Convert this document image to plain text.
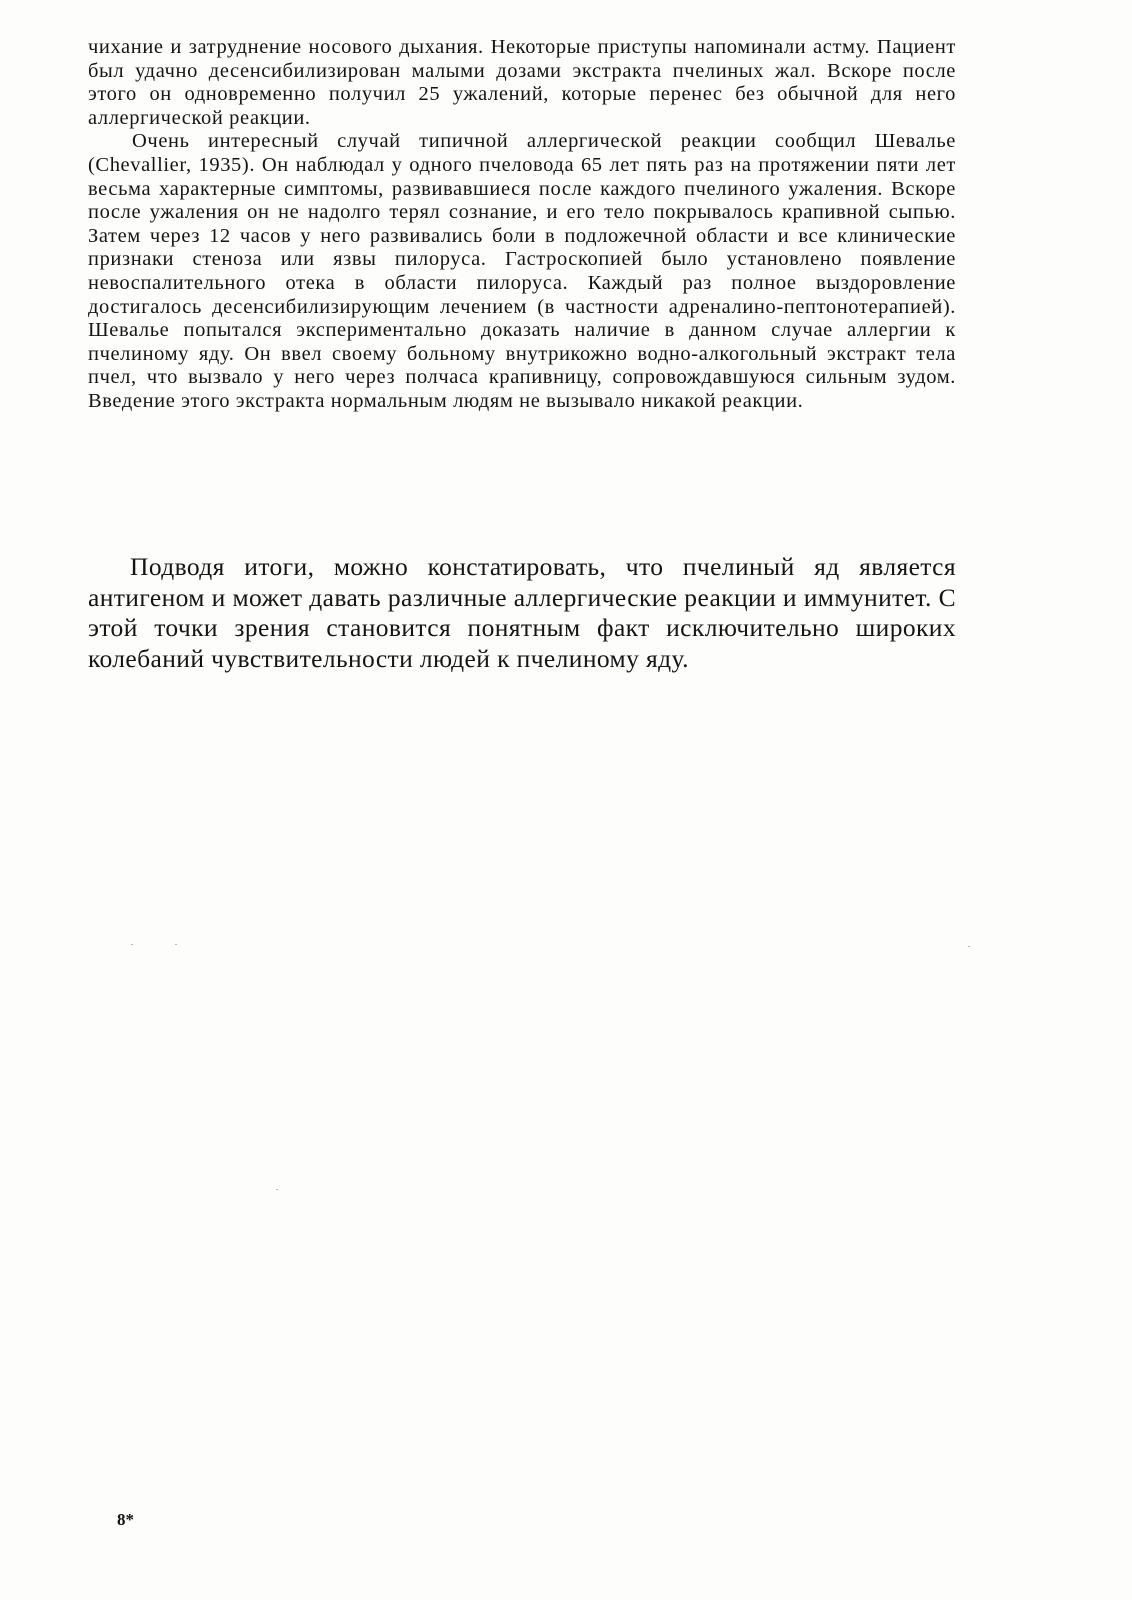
чихание и затруднение носового дыхания. Некоторые приступы напоминали астму. Пациент был удачно десенсибилизирован малыми дозами экстракта пчелиных жал. Вскоре после этого он одновременно получил 25 ужалений, которые перенес без обычной для него аллергической реакции.

Очень интересный случай типичной аллергической реакции сообщил Шевалье (Chevallier, 1935). Он наблюдал у одного пчеловода 65 лет пять раз на протяжении пяти лет весьма характерные симптомы, развивавшиеся после каждого пчелиного ужаления. Вскоре после ужаления он не надолго терял сознание, и его тело покрывалось крапивной сыпью. Затем через 12 часов у него развивались боли в подложечной области и все клинические признаки стеноза или язвы пилоруса. Гастроскопией было установлено появление невоспалительного отека в области пилоруса. Каждый раз полное выздоровление достигалось десенсибилизирующим лечением (в частности адреналино-пептонотерапией). Шевалье попытался экспериментально доказать наличие в данном случае аллергии к пчелиному яду. Он ввел своему больному внутрикожно водно-алкогольный экстракт тела пчел, что вызвало у него через полчаса крапивницу, сопровождавшуюся сильным зудом. Введение этого экстракта нормальным людям не вызывало никакой реакции.

Подводя итоги, можно констатировать, что пчелиный яд является антигеном и может давать различные аллергические реакции и иммунитет. С этой точки зрения становится понятным факт исключительно широких колебаний чувствительности людей к пчелиному яду.

8*
